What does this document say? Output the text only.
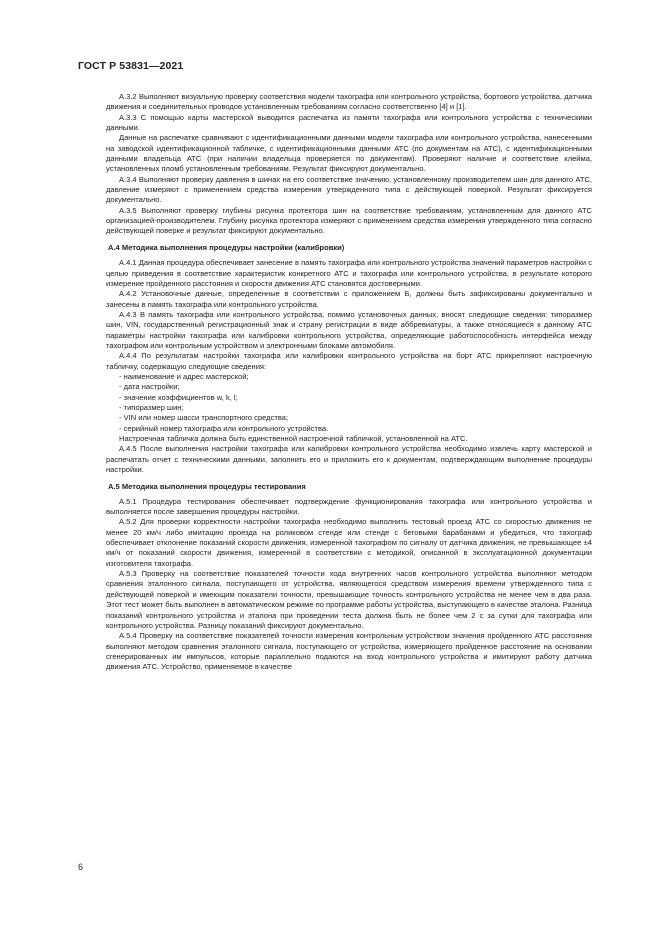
ГОСТ Р 53831—2021

А.3.2 Выполняют визуальную проверку соответствия модели тахографа или контрольного устройства, бортового устройства, датчика движения и соединительных проводов установленным требованиям согласно соответственно [4] и [1].

А.3.3 С помощью карты мастерской выводится распечатка из памяти тахографа или контрольного устройства с техническими данными.

Данные на распечатке сравнивают с идентификационными данными модели тахографа или контрольного устройства, нанесенными на заводской идентификационной табличке, с идентификационными данными АТС (по документам на АТС), с идентификационными данными владельца АТС (при наличии владельца проверяется по документам). Проверяют наличие и соответствие клейма, установленных пломб установленным требованиям. Результат фиксируют документально.

А.3.4 Выполняют проверку давления в шинах на его соответствие значению, установленному производителем шин для данного АТС, давление измеряют с применением средства измерения утвержденного типа с действующей поверкой. Результат фиксируется документально.

А.3.5 Выполняют проверку глубины рисунка протектора шин на соответствие требованиям, установленным для данного АТС организацией-производителем. Глубину рисунка протектора измеряют с применением средства измерения утвержденного типа согласно действующей поверке и результат фиксируют документально.

А.4 Методика выполнения процедуры настройки (калибровки)

А.4.1 Данная процедура обеспечивает занесение в память тахографа или контрольного устройства значений параметров настройки с целью приведения в соответствие характеристик конкретного АТС и тахографа или контрольного устройства, в результате которого измерение пройденного расстояния и скорости движения АТС становятся достоверными.

А.4.2 Установочные данные, определенные в соответствии с приложением Б, должны быть зафиксированы документально и занесены в память тахографа или контрольного устройства.

А.4.3 В память тахографа или контрольного устройства, помимо установочных данных, вносят следующие сведения: типоразмер шин, VIN, государственный регистрационный знак и страну регистрации в виде аббревиатуры, а также относящиеся к данному АТС параметры настройки тахографа или калибровки контрольного устройства, определяющие работоспособность интерфейса между тахографом или контрольным устройством и электронными блоками автомобиля.

А.4.4 По результатам настройки тахографа или калибровки контрольного устройства на борт АТС прикрепляют настроечную табличку, содержащую следующие сведения:

- наименование и адрес мастерской;

- дата настройки;

- значение коэффициентов w, k, l;

- типоразмер шин;

- VIN или номер шасси транспортного средства;

- серийный номер тахографа или контрольного устройства.

Настроечная табличка должна быть единственной настроечной табличкой, установленной на АТС.

А.4.5 После выполнения настройки тахографа или калибровки контрольного устройства необходимо извлечь карту мастерской и распечатать отчет с техническими данными, заполнить его и приложить его к документам, подтверждающим выполнение процедуры настройки.

А.5 Методика выполнения процедуры тестирования

А.5.1 Процедура тестирования обеспечивает подтверждение функционирования тахографа или контрольного устройства и выполняется после завершения процедуры настройки.

А.5.2 Для проверки корректности настройки тахографа необходимо выполнить тестовый проезд АТС со скоростью движения не менее 20 км/ч либо имитацию проезда на роликовом стенде или стенде с беговыми барабанами и убедиться, что тахограф обеспечивает отклонение показаний скорости движения, измеренной тахографом по сигналу от датчика движения, не превышающее ±4 км/ч от показаний скорости движения, измеренной в соответствии с методикой, описанной в эксплуатационной документации изготовителя тахографа.

А.5.3 Проверку на соответствие показателей точности хода внутренних часов контрольного устройства выполняют методом сравнения эталонного сигнала, поступающего от устройства, являющегося средством измерения времени утвержденного типа с действующей поверкой и имеющим показатели точности, превышающие точность контрольного устройства не менее чем в два раза. Этот тест может быть выполнен в автоматическом режиме по программе работы устройства, выступающего в качестве эталона. Разница показаний контрольного устройства и эталона при проведении теста должна быть не более чем 2 с за сутки для тахографа или контрольного устройства. Разницу показаний фиксируют документально.

А.5.4 Проверку на соответствие показателей точности измерения контрольным устройством значения пройденного АТС расстояния выполняют методом сравнения эталонного сигнала, поступающего от устройства, измеряющего пройденное расстояние на основании сгенерированных им импульсов, которые параллельно подаются на вход контрольного устройства и имитируют работу датчика движения АТС. Устройство, применяемое в качестве

6
